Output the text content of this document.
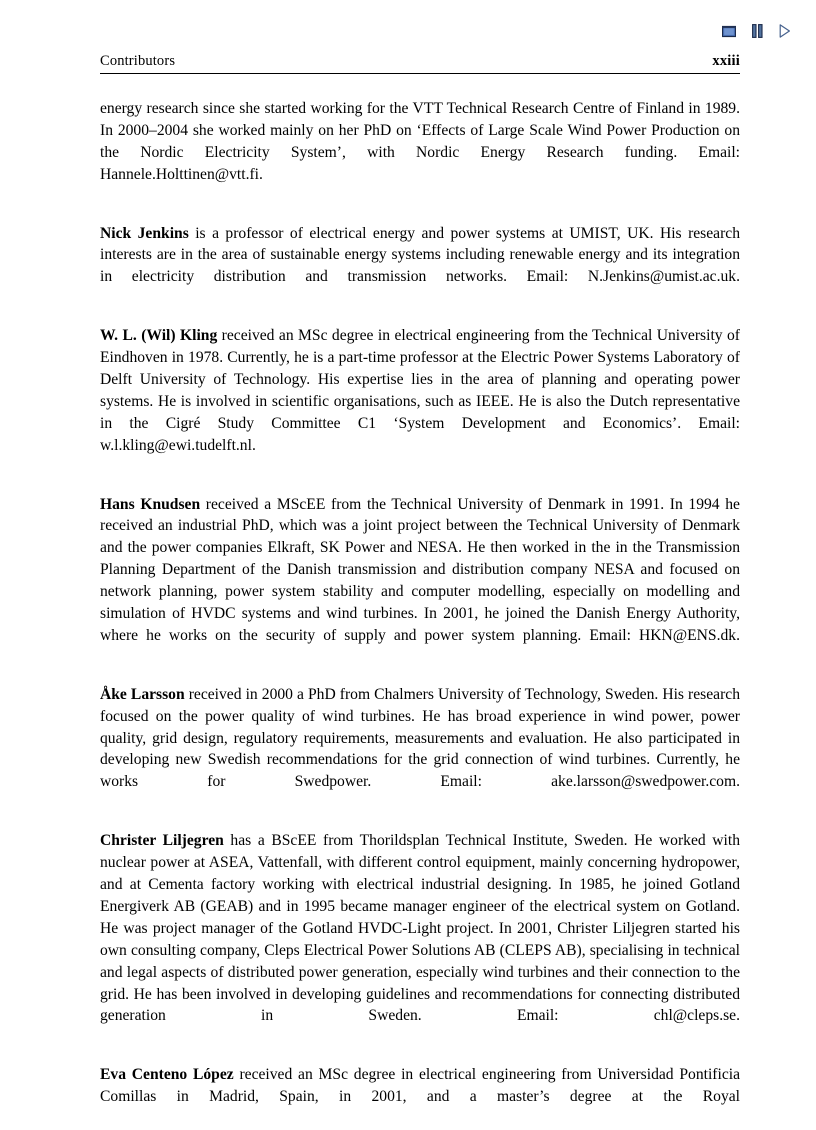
Contributors	xxiii

energy research since she started working for the VTT Technical Research Centre of Finland in 1989. In 2000–2004 she worked mainly on her PhD on ‘Effects of Large Scale Wind Power Production on the Nordic Electricity System’, with Nordic Energy Research funding. Email: Hannele.Holttinen@vtt.fi.

Nick Jenkins is a professor of electrical energy and power systems at UMIST, UK. His research interests are in the area of sustainable energy systems including renewable energy and its integration in electricity distribution and transmission networks. Email: N.Jenkins@umist.ac.uk.

W. L. (Wil) Kling received an MSc degree in electrical engineering from the Technical University of Eindhoven in 1978. Currently, he is a part-time professor at the Electric Power Systems Laboratory of Delft University of Technology. His expertise lies in the area of planning and operating power systems. He is involved in scientific organisations, such as IEEE. He is also the Dutch representative in the Cigré Study Committee C1 ‘System Development and Economics’. Email: w.l.kling@ewi.tudelft.nl.

Hans Knudsen received a MScEE from the Technical University of Denmark in 1991. In 1994 he received an industrial PhD, which was a joint project between the Technical University of Denmark and the power companies Elkraft, SK Power and NESA. He then worked in the in the Transmission Planning Department of the Danish transmission and distribution company NESA and focused on network planning, power system stability and computer modelling, especially on modelling and simulation of HVDC systems and wind turbines. In 2001, he joined the Danish Energy Authority, where he works on the security of supply and power system planning. Email: HKN@ENS.dk.

Åke Larsson received in 2000 a PhD from Chalmers University of Technology, Sweden. His research focused on the power quality of wind turbines. He has broad experience in wind power, power quality, grid design, regulatory requirements, measurements and evaluation. He also participated in developing new Swedish recommendations for the grid connection of wind turbines. Currently, he works for Swedpower. Email: ake.larsson@swedpower.com.

Christer Liljegren has a BScEE from Thorildsplan Technical Institute, Sweden. He worked with nuclear power at ASEA, Vattenfall, with different control equipment, mainly concerning hydropower, and at Cementa factory working with electrical industrial designing. In 1985, he joined Gotland Energiverk AB (GEAB) and in 1995 became manager engineer of the electrical system on Gotland. He was project manager of the Gotland HVDC-Light project. In 2001, Christer Liljegren started his own consulting company, Cleps Electrical Power Solutions AB (CLEPS AB), specialising in technical and legal aspects of distributed power generation, especially wind turbines and their connection to the grid. He has been involved in developing guidelines and recommendations for connecting distributed generation in Sweden. Email: chl@cleps.se.

Eva Centeno López received an MSc degree in electrical engineering from Universidad Pontificia Comillas in Madrid, Spain, in 2001, and a master’s degree at the Royal
